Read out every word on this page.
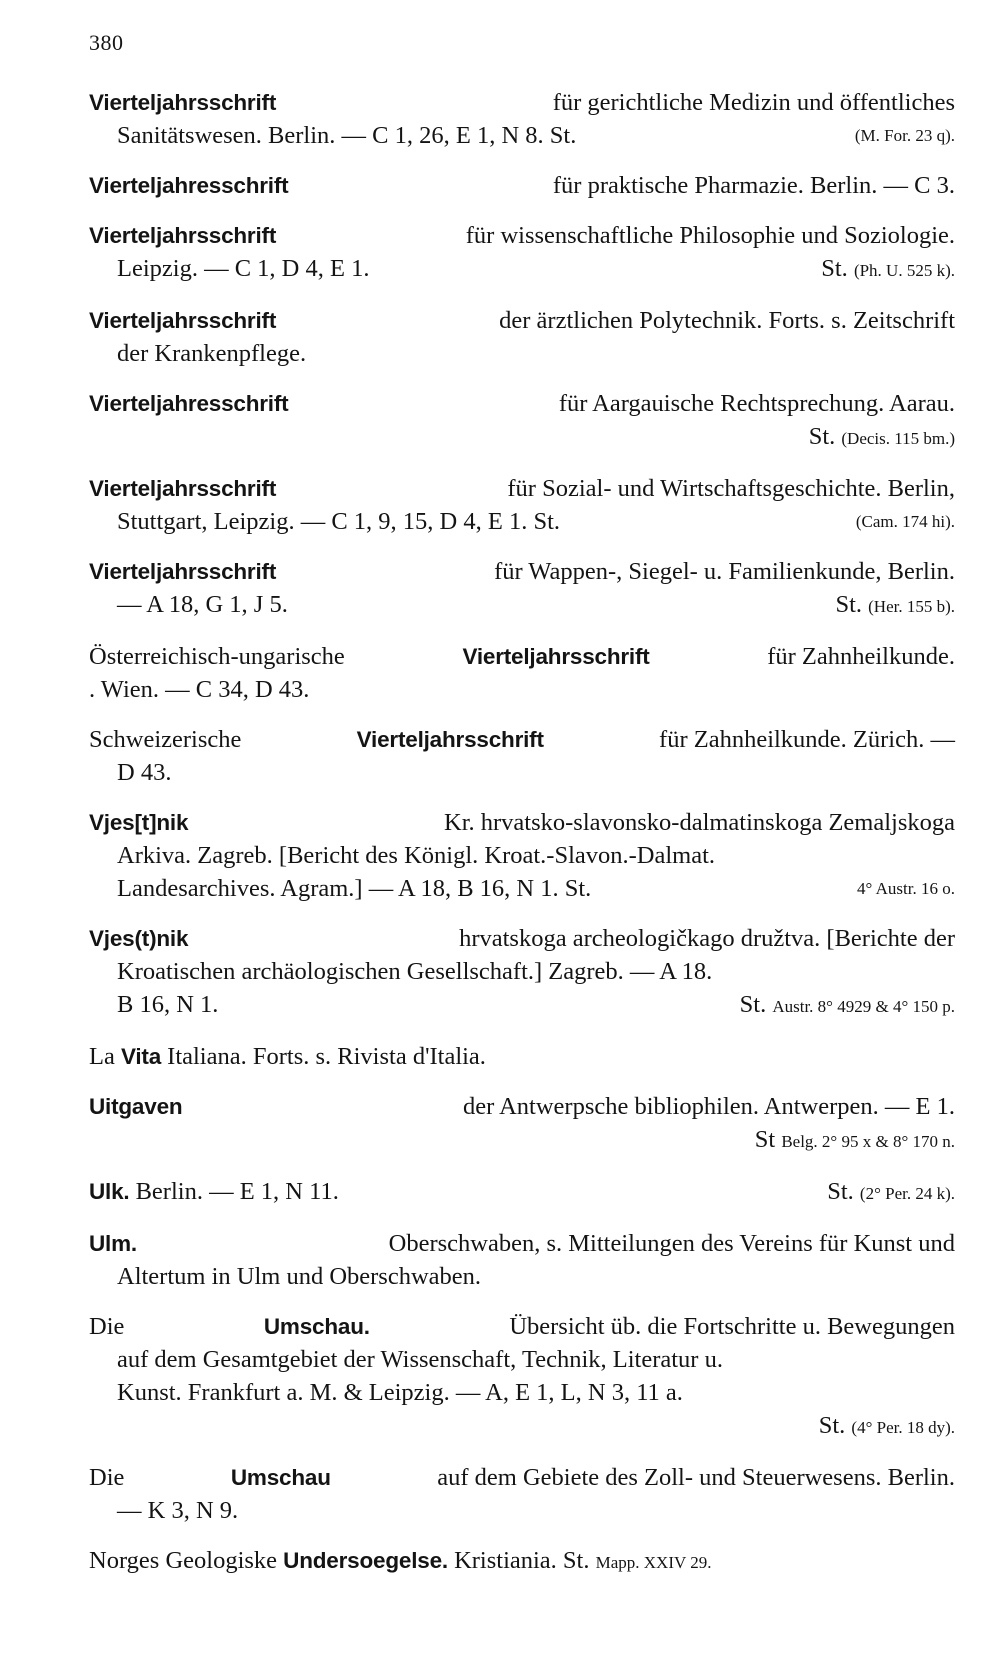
380
Vierteljahrsschrift	für gerichtliche Medizin und öffentliches
Sanitätswesen. Berlin. — C 1, 26, E 1, N 8. St.	(M. For. 23 q).
Vierteljahresschrift	für praktische Pharmazie. Berlin. — C 3.
Vierteljahrsschrift	für wissenschaftliche Philosophie und Soziologie.
Leipzig. — C 1, D 4, E 1.	St. (Ph. U. 525 k).
Vierteljahrsschrift	der ärztlichen Polytechnik. Forts. s. Zeitschrift
der Krankenpflege.
Vierteljahresschrift	für Aargauische Rechtsprechung. Aarau.
St. (Decis. 115 bm.)
Vierteljahrsschrift	für Sozial- und Wirtschaftsgeschichte. Berlin,
Stuttgart, Leipzig. — C 1, 9, 15, D 4, E 1. St.	(Cam. 174 hi).
Vierteljahrsschrift	für Wappen-, Siegel- u. Familienkunde, Berlin.
— A 18, G 1, J 5.	St. (Her. 155 b).
Österreichisch-ungarische	Vierteljahrsschrift	für Zahnheilkunde.
. Wien. — C 34, D 43.
Schweizerische	Vierteljahrsschrift	für Zahnheilkunde. Zürich. —
D 43.
Vjes[t]nik	Kr. hrvatsko-slavonsko-dalmatinskoga Zemaljskoga
Arkiva. Zagreb. [Bericht des Königl. Kroat.-Slavon.-Dalmat.
Landesarchives. Agram.] — A 18, B 16, N 1. St.	4° Austr. 16 o.
Vjes(t)nik	hrvatskoga archeologičkago družtva. [Berichte der
Kroatischen archäologischen Gesellschaft.] Zagreb. — A 18.
B 16, N 1.	St. Austr. 8° 4929 & 4° 150 p.
La Vita Italiana. Forts. s. Rivista d'Italia.
Uitgaven	der Antwerpsche bibliophilen. Antwerpen. — E 1.
St Belg. 2° 95 x & 8° 170 n.
Ulk. Berlin. — E 1, N 11.	St. (2° Per. 24 k).
Ulm.	Oberschwaben, s. Mitteilungen des Vereins für Kunst und
Altertum in Ulm und Oberschwaben.
Die	Umschau.	Übersicht üb. die Fortschritte u. Bewegungen
auf dem Gesamtgebiet der Wissenschaft, Technik, Literatur u.
Kunst. Frankfurt a. M. & Leipzig. — A, E 1, L, N 3, 11 a.
St. (4° Per. 18 dy).
Die	Umschau	auf dem Gebiete des Zoll- und Steuerwesens. Berlin.
— K 3, N 9.
Norges Geologiske Undersoegelse. Kristiania. St. Mapp. XXIV 29.
